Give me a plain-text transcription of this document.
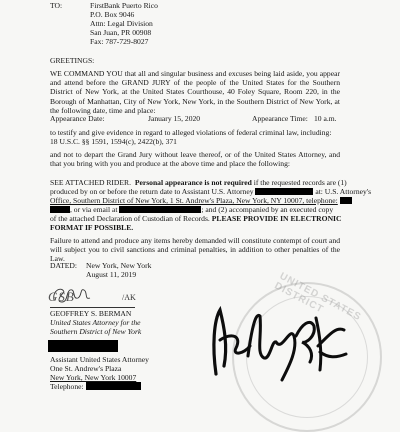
TO:	FirstBank Puerto Rico
P.O. Box 9046
Attn: Legal Division
San Juan, PR 00908
Fax: 787-729-8027
GREETINGS:
WE COMMAND YOU that all and singular business and excuses being laid aside, you appear and attend before the GRAND JURY of the people of the United States for the Southern District of New York, at the United States Courthouse, 40 Foley Square, Room 220, in the Borough of Manhattan, City of New York, New York, in the Southern District of New York, at the following date, time and place:
Appearance Date:	January 15, 2020	Appearance Time: 10 a.m.
to testify and give evidence in regard to alleged violations of federal criminal law, including:
18 U.S.C. §§ 1591, 1594(c), 2422(b), 371
and not to depart the Grand Jury without leave thereof, or of the United States Attorney, and that you bring with you and produce at the above time and place the following:
SEE ATTACHED RIDER. Personal appearance is not required if the requested records are (1)
produced by on or before the return date to Assistant U.S. Attorney	at: U.S. Attorney's
Office, Southern District of New York, 1 St. Andrew's Plaza, New York, NY 10007, telephone:
, or via email at	; and (2) accompanied by an executed copy
of the attached Declaration of Custodian of Records. PLEASE PROVIDE IN ELECTRONIC
FORMAT IF POSSIBLE.
Failure to attend and produce any items hereby demanded will constitute contempt of court and will subject you to civil sanctions and criminal penalties, in addition to other penalties of the Law.
DATED: New York, New York
August 11, 2019	UNITED STATES DISTRICT
GSB	/AK
GEOFFREY S. BERMAN
United States Attorney for the
Southern District of New York
Assistant United States Attorney
One St. Andrew's Plaza
New York, New York 10007
Telephone:
